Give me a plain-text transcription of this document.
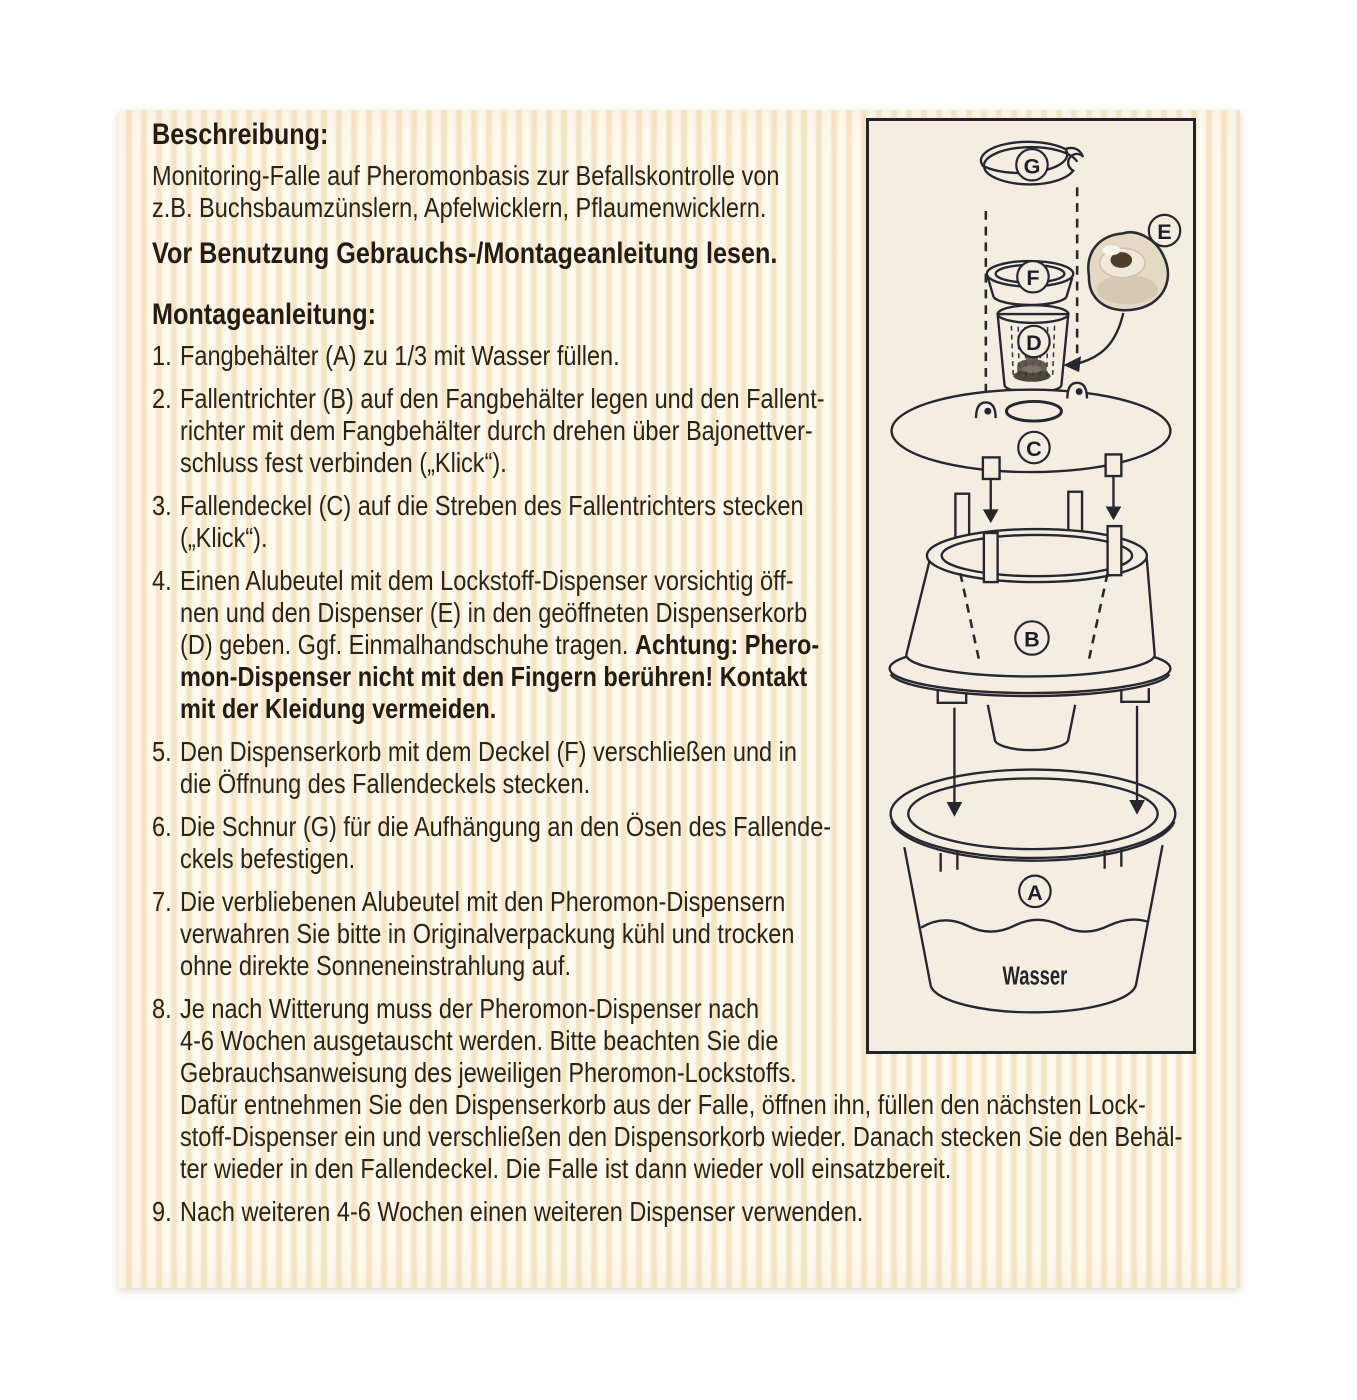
Beschreibung:
Monitoring-Falle auf Pheromonbasis zur Befallskontrolle von
z.B. Buchsbaumzünslern, Apfelwicklern, Pflaumenwicklern.
Vor Benutzung Gebrauchs-/Montageanleitung lesen.
Montageanleitung:
1. Fangbehälter (A) zu 1/3 mit Wasser füllen.
2. Fallentrichter (B) auf den Fangbehälter legen und den Fallent-
richter mit dem Fangbehälter durch drehen über Bajonettver-
schluss fest verbinden („Klick“).
3. Fallendeckel (C) auf die Streben des Fallentrichters stecken
(„Klick“).
4. Einen Alubeutel mit dem Lockstoff-Dispenser vorsichtig öff-
nen und den Dispenser (E) in den geöffneten Dispenserkorb
(D) geben. Ggf. Einmalhandschuhe tragen. Achtung: Phero-
mon-Dispenser nicht mit den Fingern berühren! Kontakt
mit der Kleidung vermeiden.
5. Den Dispenserkorb mit dem Deckel (F) verschließen und in
die Öffnung des Fallendeckels stecken.
6. Die Schnur (G) für die Aufhängung an den Ösen des Fallende-
ckels befestigen.
7. Die verbliebenen Alubeutel mit den Pheromon-Dispensern
verwahren Sie bitte in Originalverpackung kühl und trocken
ohne direkte Sonneneinstrahlung auf.
8. Je nach Witterung muss der Pheromon-Dispenser nach
4-6 Wochen ausgetauscht werden. Bitte beachten Sie die
Gebrauchsanweisung des jeweiligen Pheromon-Lockstoffs.
Dafür entnehmen Sie den Dispenserkorb aus der Falle, öffnen ihn, füllen den nächsten Lock-
stoff-Dispenser ein und verschließen den Dispensorkorb wieder. Danach stecken Sie den Behäl-
ter wieder in den Fallendeckel. Die Falle ist dann wieder voll einsatzbereit.
9. Nach weiteren 4-6 Wochen einen weiteren Dispenser verwenden.
G
E
F
D
C
B
A
Wasser
